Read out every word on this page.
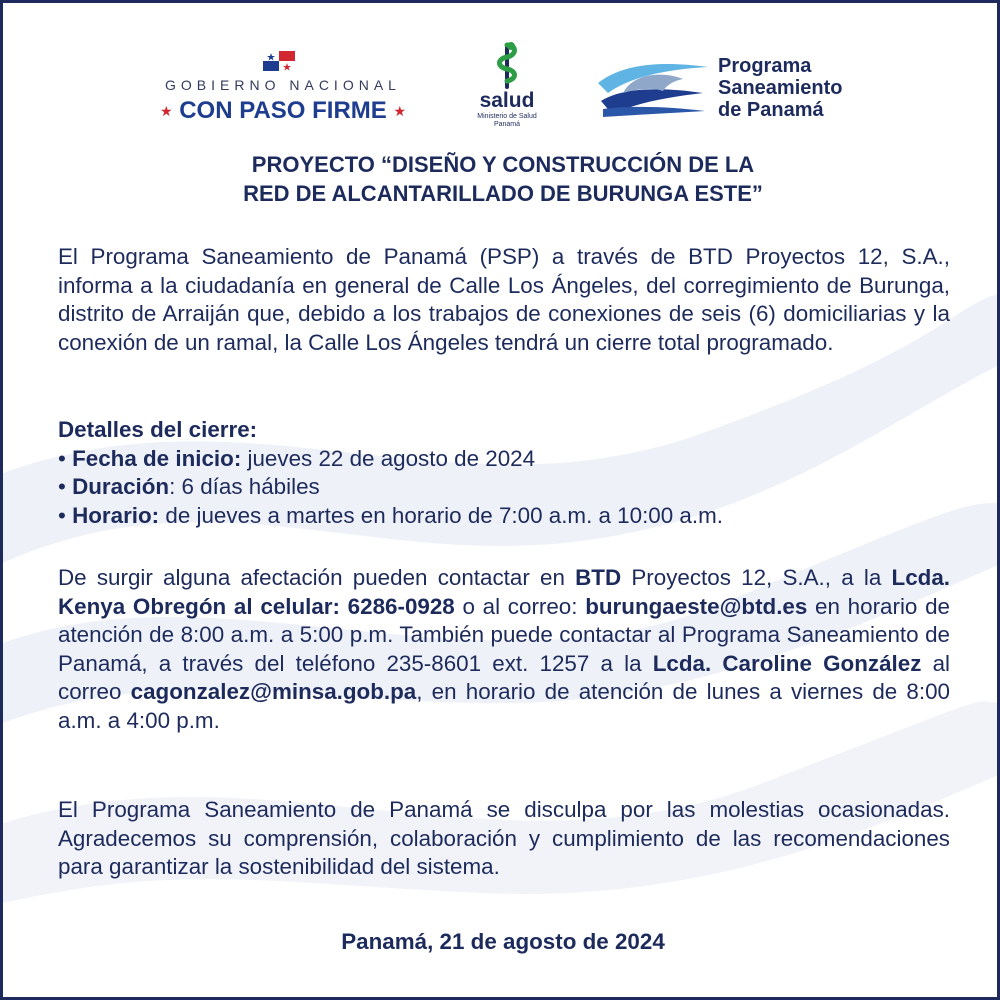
GOBIERNO NACIONAL
★ CON PASO FIRME ★	salud
Ministerio de Salud
Panamá
Programa
Saneamiento
de Panamá
PROYECTO “DISEÑO Y CONSTRUCCIÓN DE LA
RED DE ALCANTARILLADO DE BURUNGA ESTE”
El Programa Saneamiento de Panamá (PSP) a través de BTD Proyectos 12, S.A., informa a la ciudadanía en general de Calle Los Ángeles, del corregimiento de Burunga, distrito de Arraiján que, debido a los trabajos de conexiones de seis (6) domiciliarias y la conexión de un ramal, la Calle Los Ángeles tendrá un cierre total programado.
Detalles del cierre:
• Fecha de inicio: jueves 22 de agosto de 2024
• Duración: 6 días hábiles
• Horario: de jueves a martes en horario de 7:00 a.m. a 10:00 a.m.
De surgir alguna afectación pueden contactar en BTD Proyectos 12, S.A., a la Lcda. Kenya Obregón al celular: 6286-0928 o al correo: burungaeste@btd.es en horario de atención de 8:00 a.m. a 5:00 p.m. También puede contactar al Programa Saneamiento de Panamá, a través del teléfono 235-8601 ext. 1257 a la Lcda. Caroline González al correo cagonzalez@minsa.gob.pa, en horario de atención de lunes a viernes de 8:00 a.m. a 4:00 p.m.
El Programa Saneamiento de Panamá se disculpa por las molestias ocasionadas. Agradecemos su comprensión, colaboración y cumplimiento de las recomendaciones para garantizar la sostenibilidad del sistema.
Panamá, 21 de agosto de 2024
